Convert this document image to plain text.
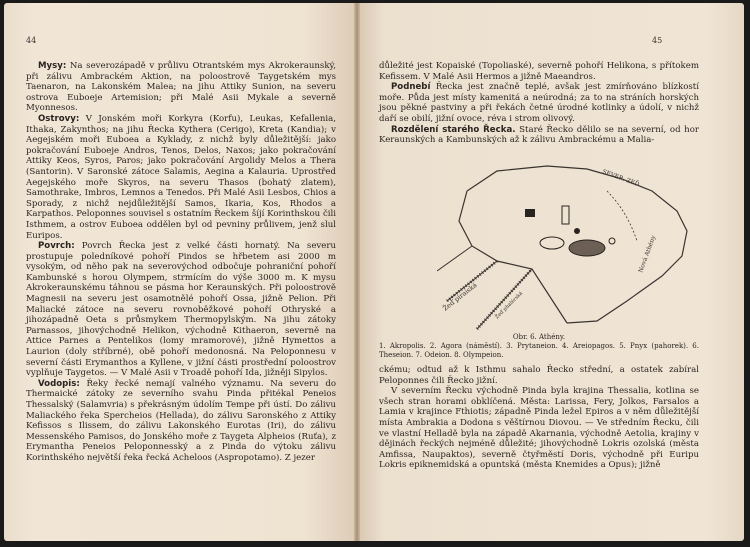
44

Mysy: Na severozápadě v průlivu Otrantském mys Akrokeraunský, při zálivu Ambrackém Aktion, na poloostrově Taygetském mys Taenaron, na Lakonském Malea; na jihu Attiky Sunion, na severu ostrova Euboeje Artemision; při Malé Asii Mykale a severně Myonnesos.

Ostrovy: V Jonském moři Korkyra (Korfu), Leukas, Kefallenia, Ithaka, Zakynthos; na jihu Řecka Kythera (Cerigo), Kreta (Kandia); v Aegejském moři Euboea a Kyklady, z nichž byly důležitější: jako pokračování Euboeje Andros, Tenos, Delos, Naxos; jako pokračování Attiky Keos, Syros, Paros; jako pokračování Argolidy Melos a Thera (Santorin). V Saronské zátoce Salamis, Aegina a Kalauria. Uprostřed Aegejského moře Skyros, na severu Thasos (bohatý zlatem), Samothrake, Imbros, Lemnos a Tenedos. Při Malé Asii Lesbos, Chios a Sporady, z nichž nejdůležitější Samos, Ikaria, Kos, Rhodos a Karpathos. Peloponnes souvisel s ostatním Řeckem šíjí Korinthskou čili Isthmem, a ostrov Euboea oddělen byl od pevniny průlivem, jenž slul Euripos.

Povrch: Povrch Řecka jest z velké části hornatý. Na severu prostupuje poledníkové pohoří Pindos se hřbetem asi 2000 m vysokým, od něho pak na severovýchod odbočuje pohraniční pohoří Kambunské s horou Olympem, strmícím do výše 3000 m. K mysu Akrokeraunskému táhnou se pásma hor Keraunských. Při poloostrově Magnesii na severu jest osamotnělé pohoří Ossa, jižně Pelion. Při Maliacké zátoce na severu rovnoběžkové pohoří Othryské a jihozápadně Oeta s průsmykem Thermopylským. Na jihu zátoky Parnassos, jihovýchodně Helikon, východně Kithaeron, severně na Attice Parnes a Pentelikos (lomy mramorové), jižně Hymettos a Laurion (doly stříbrné), obě pohoří medonosná. Na Peloponnesu v severní části Erymanthos a Kyllene, v jižní části prostřední poloostrov vyplňuje Taygetos. — V Malé Asii v Troadě pohoří Ida, jižněji Sipylos.

Vodopis: Řeky řecké nemají valného významu. Na severu do Thermaické zátoky ze severního svahu Pinda přitékal Peneios Thessalský (Salamvria) s překrásným údolím Tempe při ústí. Do zálivu Maliackého řeka Spercheios (Hellada), do zálivu Saronského z Attiky Kefissos s Ilissem, do zálivu Lakonského Eurotas (Iri), do zálivu Messenského Pamisos, do Jonského moře z Taygeta Alpheios (Ruťa), z Erymantha Peneios Peloponnesský a z Pinda do výtoku zálivu Korinthského největší řeka řecká Acheloos (Aspropotamo). Z jezer

45

důležité jest Kopaiské (Topoliaské), severně pohoří Helikona, s přítokem Kefissem. V Malé Asii Hermos a jižně Maeandros.

Podnebí Řecka jest značně teplé, avšak jest zmírňováno blízkostí moře. Půda jest místy kamenitá a neúrodná; za to na stráních horských jsou pěkné pastviny a při řekách četné úrodné kotlinky a údolí, v nichž daří se obilí, jižní ovoce, réva i strom olivový.

Rozdělení starého Řecka. Staré Řecko dělilo se na severní, od hor Keraunských a Kambunských až k zálivu Ambrackému a Malia-

SEVER. ZEĎ
Nová Athény
Žeď piraiská	Žeď phalérská
Obr. 6. Athény.
1. Akropolis. 2. Agora (náměstí). 3. Prytaneion. 4. Areiopagos. 5. Pnyx (pahorek). 6. Theseion. 7. Odeion. 8. Olympeion.

ckému; odtud až k Isthmu sahalo Řecko střední, a ostatek zabíral Peloponnes čili Řecko jižní.

V severním Řecku východně Pinda byla krajina Thessalia, kotlina se všech stran horami obklíčená. Města: Larissa, Fery, Jolkos, Farsalos a Lamia v krajince Fthiotis; západně Pinda ležel Epiros a v něm důležitější místa Ambrakia a Dodona s věštírnou Diovou. — Ve středním Řecku, čili ve vlastní Helladě byla na západě Akarnania, východně Aetolia, krajiny v dějinách řeckých nejméně důležité; jihovýchodně Lokris ozolská (města Amfissa, Naupaktos), severně čtyřměstí Doris, východně při Euripu Lokris epiknemidská a opuntská (města Knemides a Opus); jižně
